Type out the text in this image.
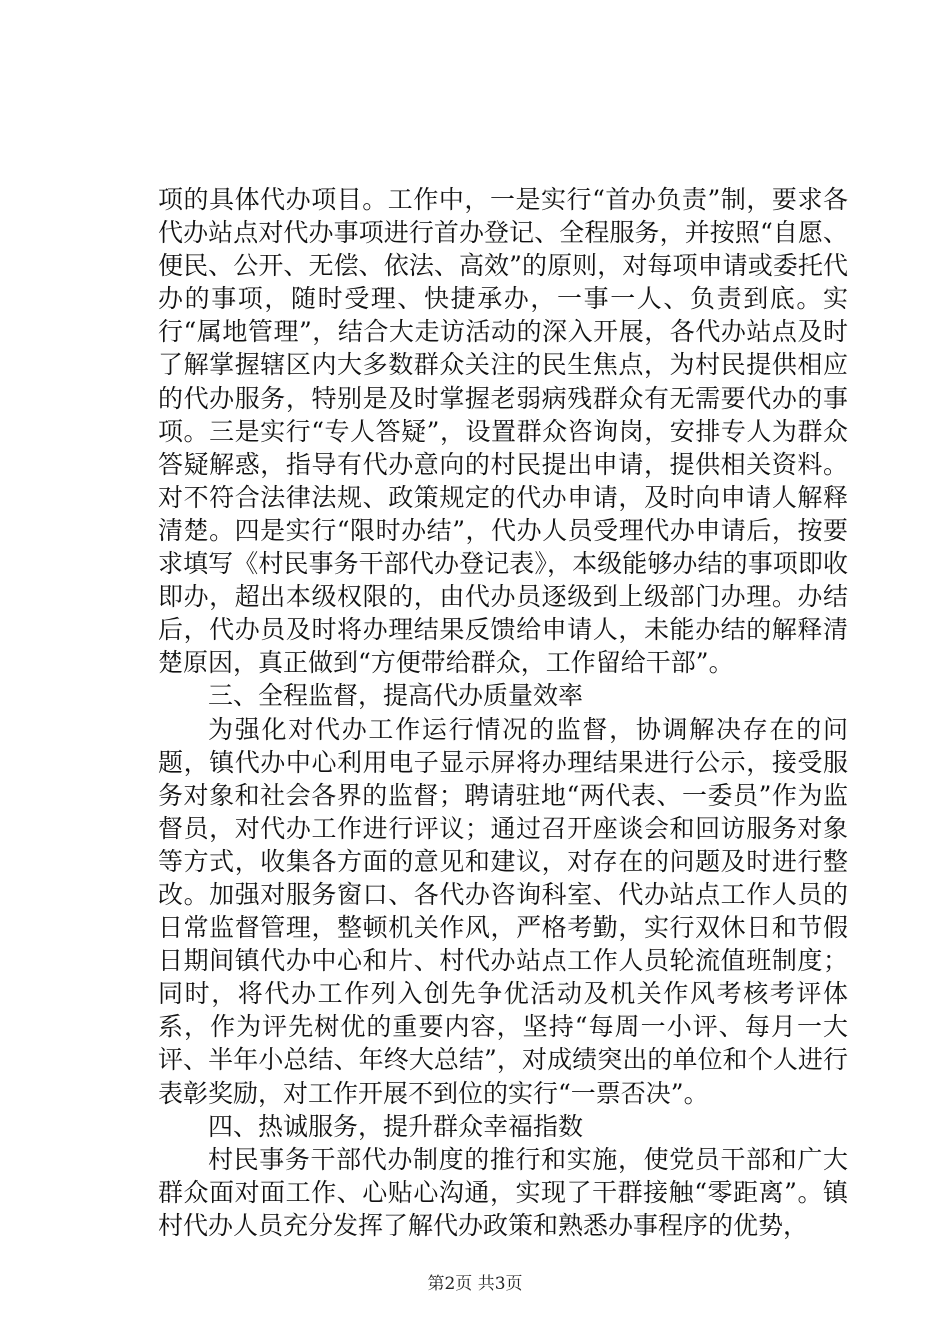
项的具体代办项目。工作中，一是实行“首办负责”制，要求各代办站点对代办事项进行首办登记、全程服务，并按照“自愿、便民、公开、无偿、依法、高效”的原则，对每项申请或委托代办的事项，随时受理、快捷承办，一事一人、负责到底。实行“属地管理”，结合大走访活动的深入开展，各代办站点及时了解掌握辖区内大多数群众关注的民生焦点，为村民提供相应的代办服务，特别是及时掌握老弱病残群众有无需要代办的事项。三是实行“专人答疑”，设置群众咨询岗，安排专人为群众答疑解惑，指导有代办意向的村民提出申请，提供相关资料。对不符合法律法规、政策规定的代办申请，及时向申请人解释清楚。四是实行“限时办结”，代办人员受理代办申请后，按要求填写《村民事务干部代办登记表》，本级能够办结的事项即收即办，超出本级权限的，由代办员逐级到上级部门办理。办结后，代办员及时将办理结果反馈给申请人，未能办结的解释清楚原因，真正做到“方便带给群众，工作留给干部”。

三、全程监督，提高代办质量效率

为强化对代办工作运行情况的监督，协调解决存在的问题，镇代办中心利用电子显示屏将办理结果进行公示，接受服务对象和社会各界的监督；聘请驻地“两代表、一委员”作为监督员，对代办工作进行评议；通过召开座谈会和回访服务对象等方式，收集各方面的意见和建议，对存在的问题及时进行整改。加强对服务窗口、各代办咨询科室、代办站点工作人员的日常监督管理，整顿机关作风，严格考勤，实行双休日和节假日期间镇代办中心和片、村代办站点工作人员轮流值班制度；同时，将代办工作列入创先争优活动及机关作风考核考评体系，作为评先树优的重要内容，坚持“每周一小评、每月一大评、半年小总结、年终大总结”，对成绩突出的单位和个人进行表彰奖励，对工作开展不到位的实行“一票否决”。

四、热诚服务，提升群众幸福指数

村民事务干部代办制度的推行和实施，使党员干部和广大群众面对面工作、心贴心沟通，实现了干群接触“零距离”。镇村代办人员充分发挥了解代办政策和熟悉办事程序的优势，

第2页 共3页
